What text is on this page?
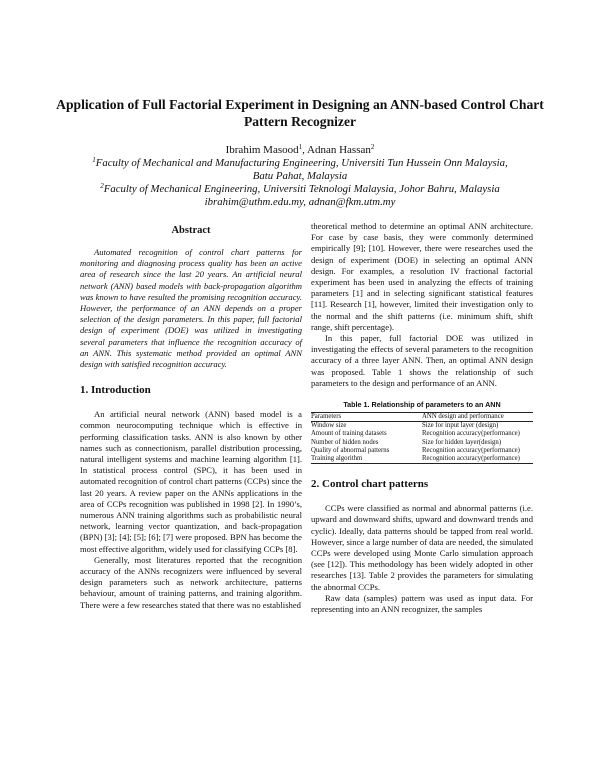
Application of Full Factorial Experiment in Designing an ANN-based Control Chart Pattern Recognizer
Ibrahim Masood$^1$, Adnan Hassan$^2$
$^1$Faculty of Mechanical and Manufacturing Engineering, Universiti Tun Hussein Onn Malaysia,
Batu Pahat, Malaysia
$^2$Faculty of Mechanical Engineering, Universiti Teknologi Malaysia, Johor Bahru, Malaysia
ibrahim@uthm.edu.my, adnan@fkm.utm.my
Abstract

Automated recognition of control chart patterns for monitoring and diagnosing process quality has been an active area of research since the last 20 years. An artificial neural network (ANN) based models with back-propagation algorithm was known to have resulted the promising recognition accuracy. However, the performance of an ANN depends on a proper selection of the design parameters. In this paper, full factorial design of experiment (DOE) was utilized in investigating several parameters that influence the recognition accuracy of an ANN. This systematic method provided an optimal ANN design with satisfied recognition accuracy.

1. Introduction

An artificial neural network (ANN) based model is a common neurocomputing technique which is effective in performing classification tasks. ANN is also known by other names such as connectionism, parallel distribution processing, natural intelligent systems and machine learning algorithm [1]. In statistical process control (SPC), it has been used in automated recognition of control chart patterns (CCPs) since the last 20 years. A review paper on the ANNs applications in the area of CCPs recognition was published in 1998 [2]. In 1990’s, numerous ANN training algorithms such as probabilistic neural network, learning vector quantization, and back-propagation (BPN) [3]; [4]; [5]; [6]; [7] were proposed. BPN has become the most effective algorithm, widely used for classifying CCPs [8].

Generally, most literatures reported that the recognition accuracy of the ANNs recognizers were influenced by several design parameters such as network architecture, patterns behaviour, amount of training patterns, and training algorithm. There were a few researches stated that there was no established

theoretical method to determine an optimal ANN architecture. For case by case basis, they were commonly determined empirically [9]; [10]. However, there were researches used the design of experiment (DOE) in selecting an optimal ANN design. For examples, a resolution IV fractional factorial experiment has been used in analyzing the effects of training parameters [1] and in selecting significant statistical features [11]. Research [1], however, limited their investigation only to the normal and the shift patterns (i.e. minimum shift, shift range, shift percentage).

In this paper, full factorial DOE was utilized in investigating the effects of several parameters to the recognition accuracy of a three layer ANN. Then, an optimal ANN design was proposed. Table 1 shows the relationship of such parameters to the design and performance of an ANN.

Table 1. Relationship of parameters to an ANN
Parameters	ANN design and performance
Window size	Size for input layer (design)
Amount of training datasets	Recognition accuracy(performance)
Number of hidden nodes	Size for hidden layer(design)
Quality of abnormal patterns	Recognition accuracy(performance)
Training algorithm	Recognition accuracy(performance)
2. Control chart patterns

CCPs were classified as normal and abnormal patterns (i.e. upward and downward shifts, upward and downward trends and cyclic). Ideally, data patterns should be tapped from real world. However, since a large number of data are needed, the simulated CCPs were developed using Monte Carlo simulation approach (see [12]). This methodology has been widely adopted in other researches [13]. Table 2 provides the parameters for simulating the abnormal CCPs.

Raw data (samples) pattern was used as input data. For representing into an ANN recognizer, the samples
